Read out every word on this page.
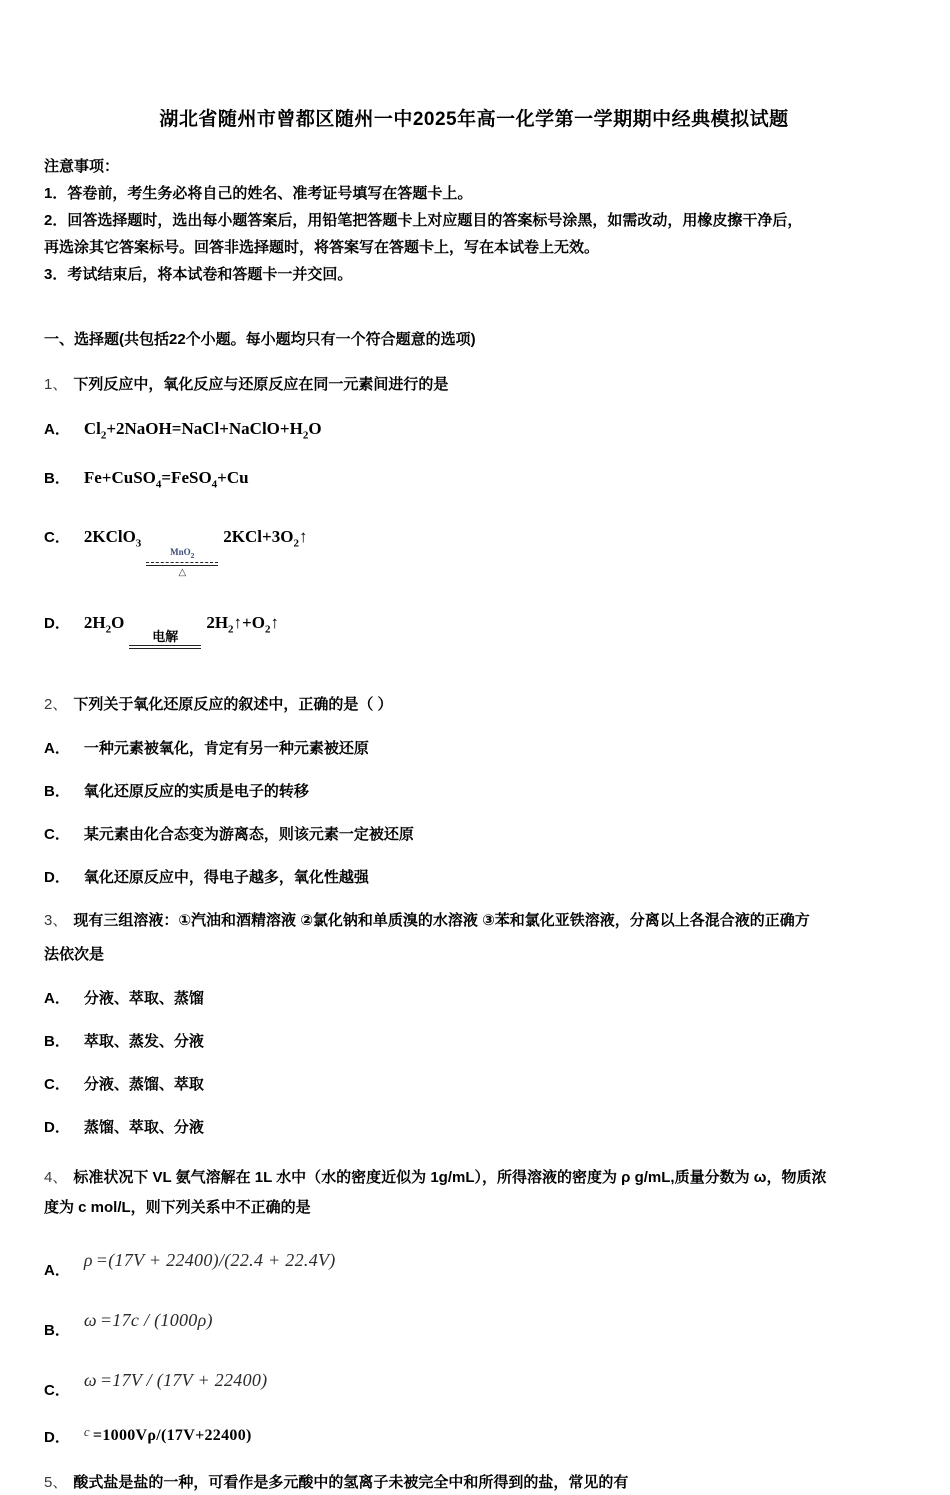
湖北省随州市曾都区随州一中2025年高一化学第一学期期中经典模拟试题
注意事项：
1．答卷前，考生务必将自己的姓名、准考证号填写在答题卡上。
2．回答选择题时，选出每小题答案后，用铅笔把答题卡上对应题目的答案标号涂黑，如需改动，用橡皮擦干净后，
再选涂其它答案标号。回答非选择题时，将答案写在答题卡上，写在本试卷上无效。
3．考试结束后，将本试卷和答题卡一并交回。
一、选择题(共包括22个小题。每小题均只有一个符合题意的选项)
1、 下列反应中，氧化反应与还原反应在同一元素间进行的是
A． $Cl_2+2NaOH=NaCl+NaClO+H_2O$
B． Fe+CuSO$_4$=FeSO$_4$+Cu
C． 2KClO$_3$
MnO$_2$
△
$2KCl+3O_2↑$
D． $2H_2O$
电解
$2H_2↑+O_2↑$
2、 下列关于氧化还原反应的叙述中，正确的是（ ）
A． 一种元素被氧化，肯定有另一种元素被还原
B． 氧化还原反应的实质是电子的转移
C． 某元素由化合态变为游离态，则该元素一定被还原
D． 氧化还原反应中，得电子越多，氧化性越强
3、 现有三组溶液：①汽油和酒精溶液 ②氯化钠和单质溴的水溶液 ③苯和氯化亚铁溶液，分离以上各混合液的正确方
法依次是
A． 分液、萃取、蒸馏
B． 萃取、蒸发、分液
C． 分液、蒸馏、萃取
D． 蒸馏、萃取、分液
4、 标准状况下 VL 氨气溶解在 1L 水中（水的密度近似为 1g/mL），所得溶液的密度为 ρ g/mL,质量分数为 ω，物质浓
度为 c mol/L，则下列关系中不正确的是
A．
ρ =(17V + 22400)/(22.4 + 22.4V)
B．
ω =17c / (1000ρ)
C．
ω =17V / (17V + 22400)
D． $^c$ =1000Vρ/(17V+22400)
5、 酸式盐是盐的一种，可看作是多元酸中的氢离子未被完全中和所得到的盐，常见的有
